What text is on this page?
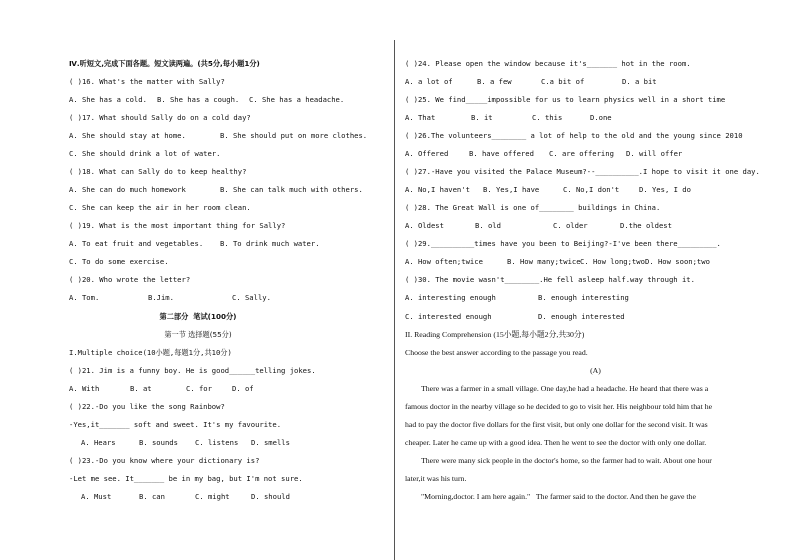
Ⅳ.听短文,完成下面各题。短文读两遍。(共5分,每小题1分)
( )16. What's the matter with Sally?

A. She has a cold.

B. She has a cough.

C. She has a headache.

( )17. What should Sally do on a cold day?

A. She should stay at home.

	B. She should put on more clothes.

C. She should drink a lot of water.
( )18. What can Sally do to keep healthy?

A. She can do much homework

	B. She can talk much with others.

C. She can keep the air in her room clean.
( )19. What is the most important thing for Sally?

A. To eat fruit and vegetables.

B. To drink much water.

C. To do some exercise.
( )20. Who wrote the letter?

A. Tom.

	B.Jim.

	C. Sally.

第二部分  笔试(100分)
第一节 选择题(55分)
I.Multiple choice(10小题,每题1分,共10分)
( )21. Jim is a funny boy. He is good______telling jokes.

A. With

	B. at

	C. for

	D. of

( )22.-Do you like the song Rainbow?
-Yes,it_______ soft and sweet. It's my favourite.

A. Hears

	B. sounds

C. listens

D. smells

( )23.-Do you know where your dictionary is?
-Let me see. It_______ be in my bag, but I'm not sure.

A. Must

	B. can

	C. might

	D. should

( )24. Please open the window because it's_______ hot in the room.

A. a lot of

	B. a few

	C.a bit of

	D. a bit

( )25. We find_____impossible for us to learn physics well in a short time

A. That

	B. it

	C. this

	D.one

( )26.The volunteers________ a lot of help to the old and the young since 2010

A. Offered

	B. have offered

C. are offering

D. will offer

( )27.-Have you visited the Palace Museum?--__________.I hope to visit it one day.

A. No,I haven't

B. Yes,I have

	C. No,I don't

	D. Yes, I do

( )28. The Great Wall is one of________ buildings in China.

A. Oldest

	B. old

	C. older

	D.the oldest

( )29.__________times have you been to Beijing?-I've been there_________.

A. How often;twice

	B. How many;twice

C. How long;two

D. How soon;two

( )30. The movie wasn't________.He fell asleep half.way through it.

A. interesting enough

	B. enough interesting

C. interested enough

	D. enough interested

II. Reading Comprehension (15小题,每小题2分,共30分)
Choose the best answer according to the passage you read.
(A)
There was a farmer in a small village. One day,he had a headache. He heard that there was a
famous doctor in the nearby village so he decided to go to visit her. His neighbour told him that he
had to pay the doctor five dollars for the first visit, but only one dollar for the second visit. It was
cheaper. Later he came up with a good idea. Then he went to see the doctor with only one dollar.
There were many sick people in the doctor's home, so the farmer had to wait. About one hour
later,it was his turn.
"Morning,doctor. I am here again."   The farmer said to the doctor. And then he gave the
